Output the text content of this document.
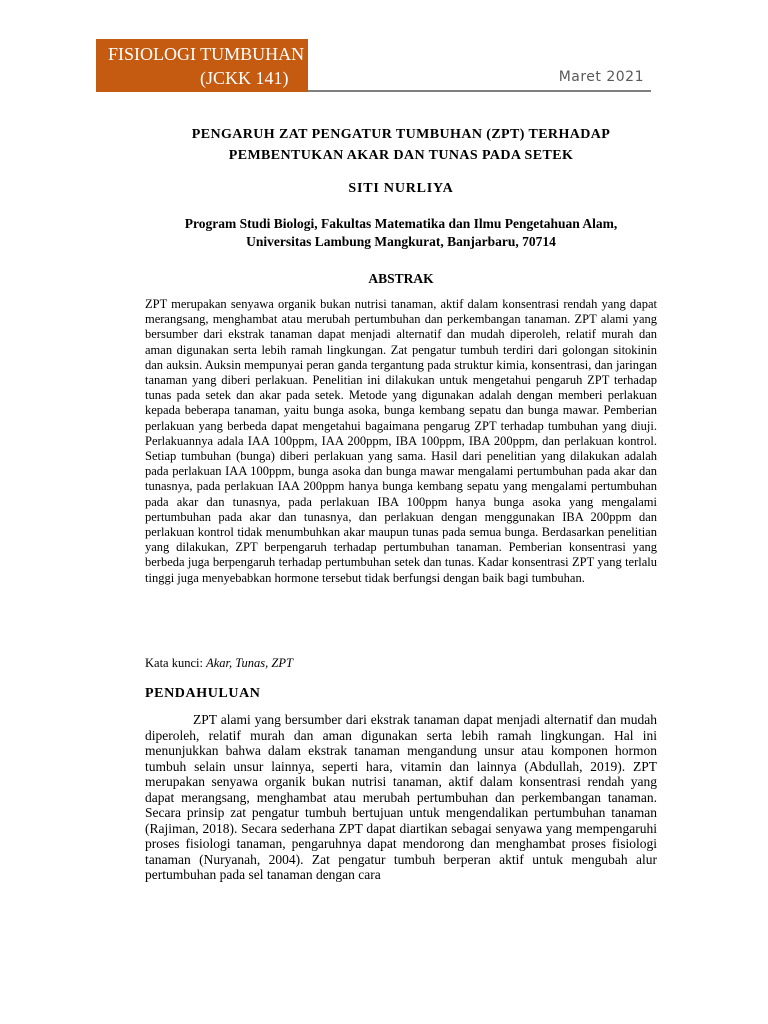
FISIOLOGI TUMBUHAN
(JCKK 141)	Maret 2021
PENGARUH ZAT PENGATUR TUMBUHAN (ZPT) TERHADAP
PEMBENTUKAN AKAR DAN TUNAS PADA SETEK
SITI NURLIYA
Program Studi Biologi, Fakultas Matematika dan Ilmu Pengetahuan Alam,
Universitas Lambung Mangkurat, Banjarbaru, 70714
ABSTRAK

ZPT merupakan senyawa organik bukan nutrisi tanaman, aktif dalam konsentrasi rendah yang dapat merangsang, menghambat atau merubah pertumbuhan dan perkembangan tanaman. ZPT alami yang bersumber dari ekstrak tanaman dapat menjadi alternatif dan mudah diperoleh, relatif murah dan aman digunakan serta lebih ramah lingkungan. Zat pengatur tumbuh terdiri dari golongan sitokinin dan auksin. Auksin mempunyai peran ganda tergantung pada struktur kimia, konsentrasi, dan jaringan tanaman yang diberi perlakuan. Penelitian ini dilakukan untuk mengetahui pengaruh ZPT terhadap tunas pada setek dan akar pada setek. Metode yang digunakan adalah dengan memberi perlakuan kepada beberapa tanaman, yaitu bunga asoka, bunga kembang sepatu dan bunga mawar. Pemberian perlakuan yang berbeda dapat mengetahui bagaimana pengarug ZPT terhadap tumbuhan yang diuji. Perlakuannya adala IAA 100ppm, IAA 200ppm, IBA 100ppm, IBA 200ppm, dan perlakuan kontrol. Setiap tumbuhan (bunga) diberi perlakuan yang sama. Hasil dari penelitian yang dilakukan adalah pada perlakuan IAA 100ppm, bunga asoka dan bunga mawar mengalami pertumbuhan pada akar dan tunasnya, pada perlakuan IAA 200ppm hanya bunga kembang sepatu yang mengalami pertumbuhan pada akar dan tunasnya, pada perlakuan IBA 100ppm hanya bunga asoka yang mengalami pertumbuhan pada akar dan tunasnya, dan perlakuan dengan menggunakan IBA 200ppm dan perlakuan kontrol tidak menumbuhkan akar maupun tunas pada semua bunga. Berdasarkan penelitian yang dilakukan, ZPT berpengaruh terhadap pertumbuhan tanaman. Pemberian konsentrasi yang berbeda juga berpengaruh terhadap pertumbuhan setek dan tunas. Kadar konsentrasi ZPT yang terlalu tinggi juga menyebabkan hormone tersebut tidak berfungsi dengan baik bagi tumbuhan.

Kata kunci: Akar, Tunas, ZPT
PENDAHULUAN

ZPT alami yang bersumber dari ekstrak tanaman dapat menjadi alternatif dan mudah diperoleh, relatif murah dan aman digunakan serta lebih ramah lingkungan. Hal ini menunjukkan bahwa dalam ekstrak tanaman mengandung unsur atau komponen hormon tumbuh selain unsur lainnya, seperti hara, vitamin dan lainnya (Abdullah, 2019). ZPT merupakan senyawa organik bukan nutrisi tanaman, aktif dalam konsentrasi rendah yang dapat merangsang, menghambat atau merubah pertumbuhan dan perkembangan tanaman. Secara prinsip zat pengatur tumbuh bertujuan untuk mengendalikan pertumbuhan tanaman (Rajiman, 2018). Secara sederhana ZPT dapat diartikan sebagai senyawa yang mempengaruhi proses fisiologi tanaman, pengaruhnya dapat mendorong dan menghambat proses fisiologi tanaman (Nuryanah, 2004). Zat pengatur tumbuh berperan aktif untuk mengubah alur pertumbuhan pada sel tanaman dengan cara
